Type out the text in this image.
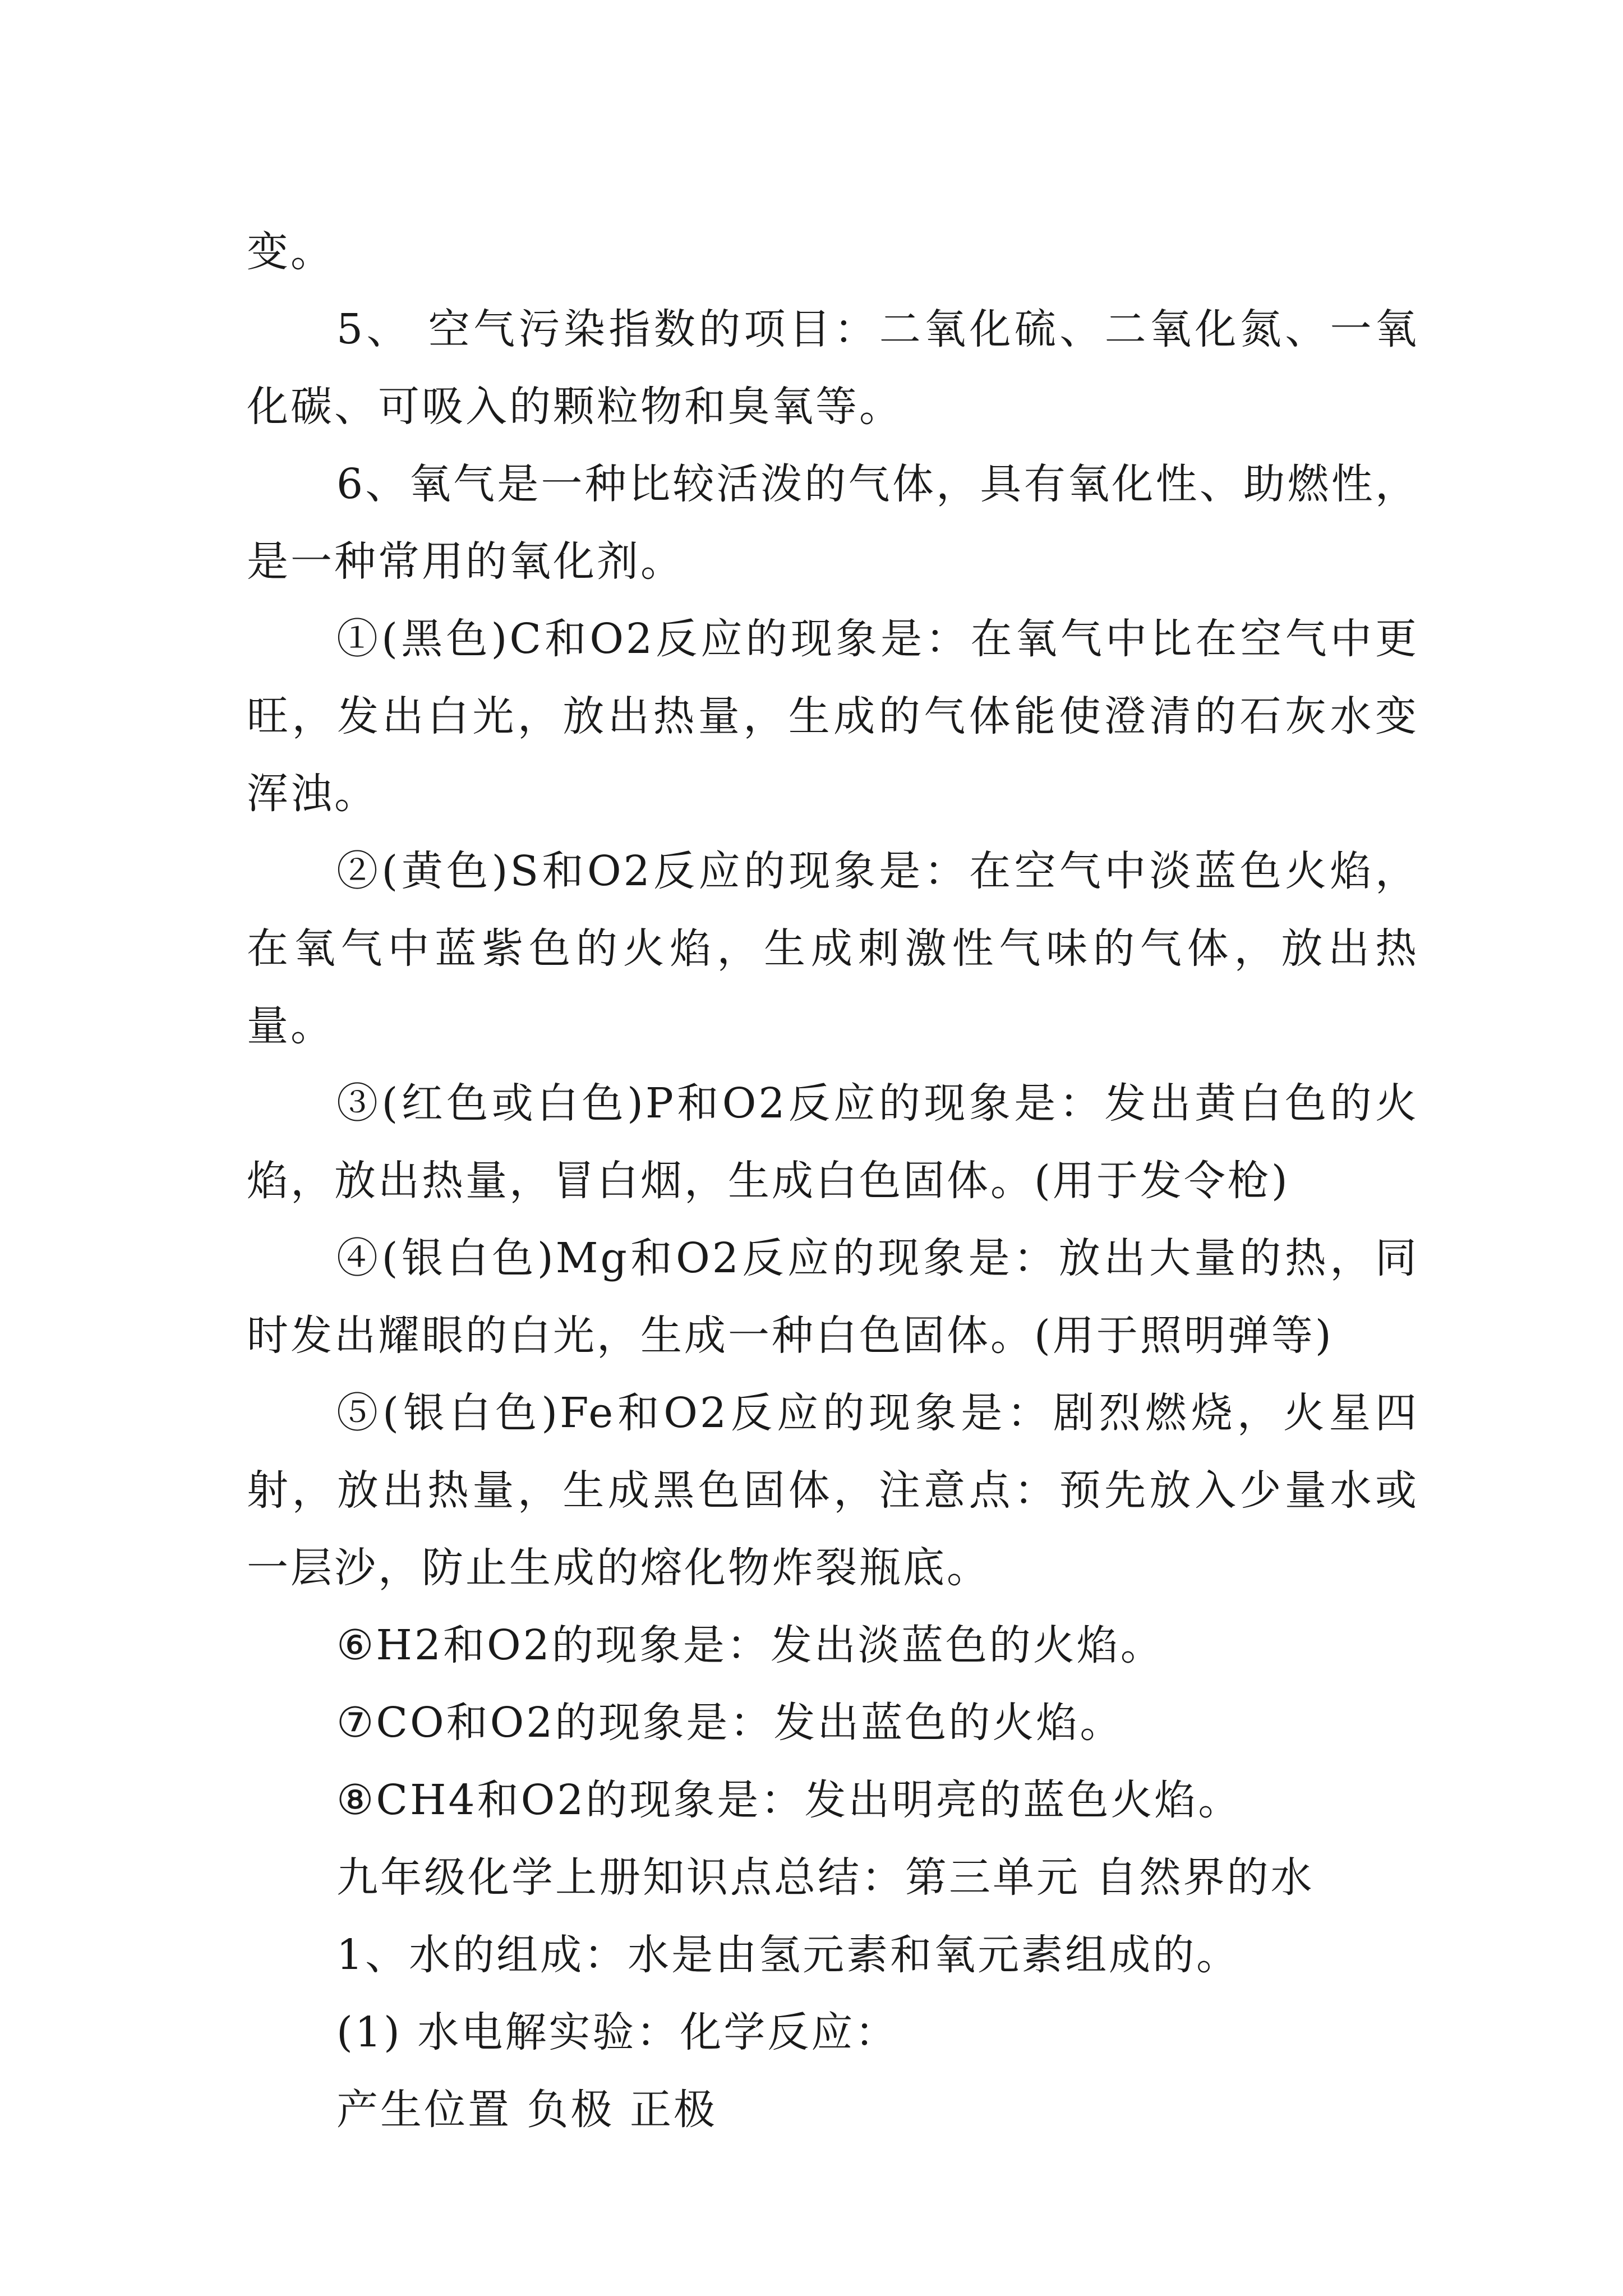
变。

5、 空气污染指数的项目：二氧化硫、二氧化氮、一氧化碳、可吸入的颗粒物和臭氧等。

6、氧气是一种比较活泼的气体，具有氧化性、助燃性，是一种常用的氧化剂。

①(黑色)C和O2反应的现象是：在氧气中比在空气中更旺，发出白光，放出热量，生成的气体能使澄清的石灰水变浑浊。

②(黄色)S和O2反应的现象是：在空气中淡蓝色火焰，在氧气中蓝紫色的火焰，生成刺激性气味的气体，放出热量。

③(红色或白色)P和O2反应的现象是：发出黄白色的火焰，放出热量，冒白烟，生成白色固体。(用于发令枪)

④(银白色)Mg和O2反应的现象是：放出大量的热，同时发出耀眼的白光，生成一种白色固体。(用于照明弹等)

⑤(银白色)Fe和O2反应的现象是：剧烈燃烧，火星四射，放出热量，生成黑色固体，注意点：预先放入少量水或一层沙，防止生成的熔化物炸裂瓶底。

⑥H2和O2的现象是：发出淡蓝色的火焰。

⑦CO和O2的现象是：发出蓝色的火焰。

⑧CH4和O2的现象是：发出明亮的蓝色火焰。

九年级化学上册知识点总结：第三单元 自然界的水

1、水的组成：水是由氢元素和氧元素组成的。

(1) 水电解实验：化学反应：

产生位置 负极 正极
